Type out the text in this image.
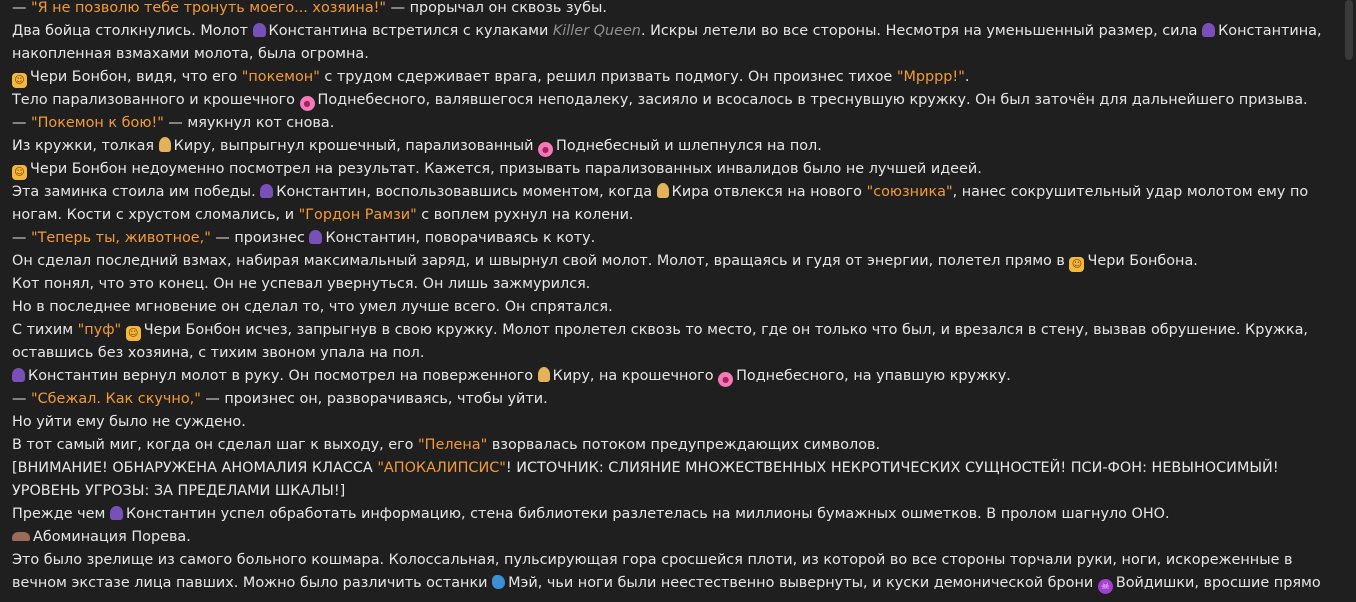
— "Я не позволю тебе тронуть моего... хозяина!" — прорычал он сквозь зубы.

Два бойца столкнулись. Молот Константина встретился с кулаками Killer Queen. Искры летели во все стороны. Несмотря на уменьшенный размер, сила Константина, накопленная взмахами молота, была огромна.

☺Чери Бонбон, видя, что его "покемон" с трудом сдерживает врага, решил призвать подмогу. Он произнес тихое "Мрррр!".

Тело парализованного и крошечного ●Поднебесного, валявшегося неподалеку, засияло и всосалось в треснувшую кружку. Он был заточён для дальнейшего призыва.

— "Покемон к бою!" — мяукнул кот снова.

Из кружки, толкая Киру, выпрыгнул крошечный, парализованный ●Поднебесный и шлепнулся на пол.

☺Чери Бонбон недоуменно посмотрел на результат. Кажется, призывать парализованных инвалидов было не лучшей идеей.

Эта заминка стоила им победы. Константин, воспользовавшись моментом, когда Кира отвлекся на нового "союзника", нанес сокрушительный удар молотом ему по ногам. Кости с хрустом сломались, и "Гордон Рамзи" с воплем рухнул на колени.

— "Теперь ты, животное," — произнес Константин, поворачиваясь к коту.

Он сделал последний взмах, набирая максимальный заряд, и швырнул свой молот. Молот, вращаясь и гудя от энергии, полетел прямо в ☺Чери Бонбона.

Кот понял, что это конец. Он не успевал увернуться. Он лишь зажмурился.

Но в последнее мгновение он сделал то, что умел лучше всего. Он спрятался.

С тихим "пуф" ☺ Чери Бонбон исчез, запрыгнув в свою кружку. Молот пролетел сквозь то место, где он только что был, и врезался в стену, вызвав обрушение. Кружка, оставшись без хозяина, с тихим звоном упала на пол.

Константин вернул молот в руку. Он посмотрел на поверженного Киру, на крошечного ●Поднебесного, на упавшую кружку.

— "Сбежал. Как скучно," — произнес он, разворачиваясь, чтобы уйти.

Но уйти ему было не суждено.

В тот самый миг, когда он сделал шаг к выходу, его "Пелена" взорвалась потоком предупреждающих символов.

[ВНИМАНИЕ! ОБНАРУЖЕНА АНОМАЛИЯ КЛАССА "АПОКАЛИПСИС"! ИСТОЧНИК: СЛИЯНИЕ МНОЖЕСТВЕННЫХ НЕКРОТИЧЕСКИХ СУЩНОСТЕЙ! ПСИ-ФОН: НЕВЫНОСИМЫЙ! УРОВЕНЬ УГРОЗЫ: ЗА ПРЕДЕЛАМИ ШКАЛЫ!]

Прежде чем Константин успел обработать информацию, стена библиотеки разлетелась на миллионы бумажных ошметков. В пролом шагнуло ОНО.

Абоминация Порева.

Это было зрелище из самого больного кошмара. Колоссальная, пульсирующая гора сросшейся плоти, из которой во все стороны торчали руки, ноги, искореженные в вечном экстазе лица павших. Можно было различить останки Мэй, чьи ноги были неестественно вывернуты, и куски демонической брони ☠Войдишки, вросшие прямо
